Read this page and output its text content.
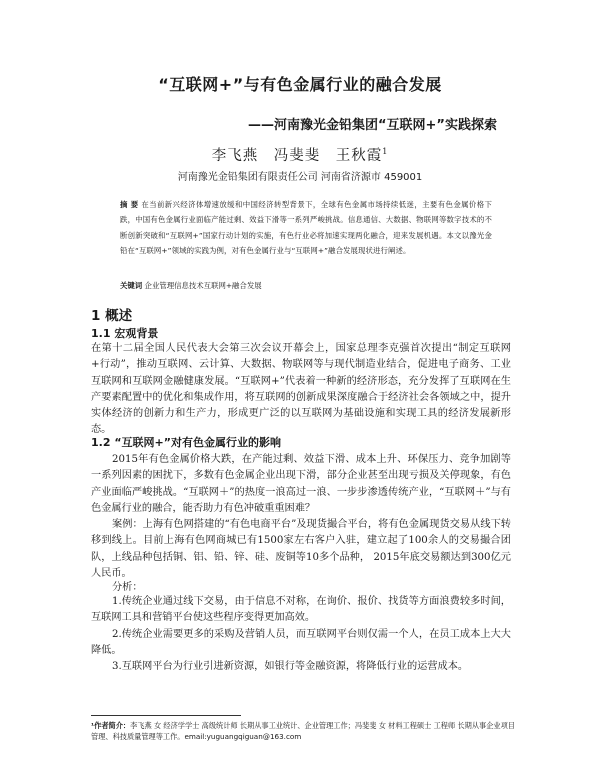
“互联网+”与有色金属行业的融合发展
——河南豫光金铅集团“互联网+”实践探索
李飞燕　冯斐斐　王秋霞$^1$
河南豫光金铅集团有限责任公司 河南省济源市 459001
摘 要 在当前新兴经济体增速放缓和中国经济转型背景下，全球有色金属市场持续低迷，主要有色金属价格下跌，中国有色金属行业面临产能过剩、效益下滑等一系列严峻挑战。信息通信、大数据、物联网等数字技术的不断创新突破和“互联网+”国家行动计划的实施，有色行业必将加速实现两化融合，迎来发展机遇。本文以豫光金铅在“互联网+”领域的实践为例，对有色金属行业与“互联网+”融合发展现状进行阐述。
关键词 企业管理信息技术互联网+融合发展
1 概述
1.1 宏观背景

在第十二届全国人民代表大会第三次会议开幕会上，国家总理李克强首次提出“制定互联网+行动”，推动互联网、云计算、大数据、物联网等与现代制造业结合，促进电子商务、工业互联网和互联网金融健康发展。“互联网+”代表着一种新的经济形态，充分发挥了互联网在生产要素配置中的优化和集成作用，将互联网的创新成果深度融合于经济社会各领域之中，提升实体经济的创新力和生产力，形成更广泛的以互联网为基础设施和实现工具的经济发展新形态。

1.2 “互联网+”对有色金属行业的影响

2015年有色金属价格大跌，在产能过剩、效益下滑、成本上升、环保压力、竞争加剧等一系列因素的困扰下，多数有色金属企业出现下滑，部分企业甚至出现亏损及关停现象，有色产业面临严峻挑战。“互联网＋”的热度一浪高过一浪、一步步渗透传统产业，“互联网＋”与有色金属行业的融合，能否助力有色冲破重重困难？

案例：上海有色网搭建的“有色电商平台”及现货撮合平台，将有色金属现货交易从线下转移到线上。目前上海有色网商城已有1500家左右客户入驻，建立起了100余人的交易撮合团队，上线品种包括铜、铝、铅、锌、硅、废铜等10多个品种， 2015年底交易额达到300亿元人民币。

分析：

1.传统企业通过线下交易，由于信息不对称，在询价、报价、找货等方面浪费较多时间，互联网工具和营销平台使这些程序变得更加高效。

2.传统企业需要更多的采购及营销人员，而互联网平台则仅需一个人，在员工成本上大大降低。

3.互联网平台为行业引进新资源，如银行等金融资源，将降低行业的运营成本。

¹作者简介：李飞燕 女 经济学学士 高级统计师 长期从事工业统计、企业管理工作；冯斐斐 女 材料工程硕士 工程师 长期从事企业项目管理、科技质量管理等工作。email:yuguangqiguan@163.com
